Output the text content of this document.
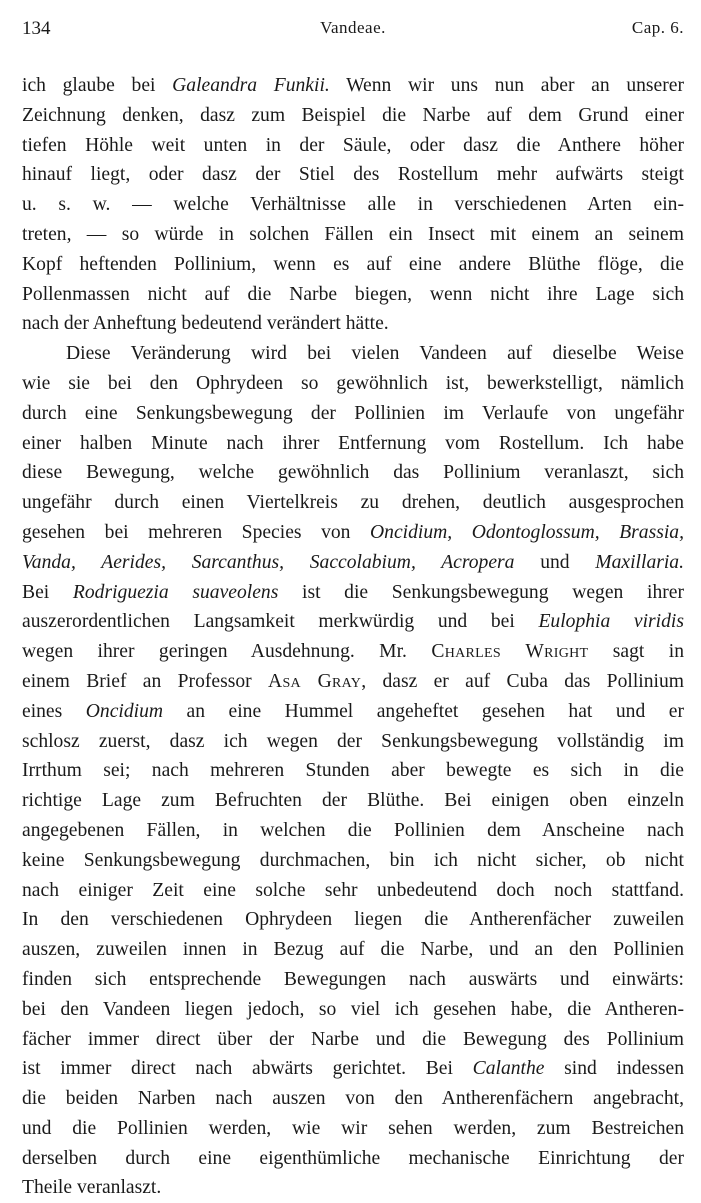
134	Vandeae.	Cap. 6.
ich glaube bei Galeandra Funkii. Wenn wir uns nun aber an unserer
Zeichnung denken, dasz zum Beispiel die Narbe auf dem Grund einer
tiefen Höhle weit unten in der Säule, oder dasz die Anthere höher
hinauf liegt, oder dasz der Stiel des Rostellum mehr aufwärts steigt
u. s. w. — welche Verhältnisse alle in verschiedenen Arten ein-
treten, — so würde in solchen Fällen ein Insect mit einem an seinem
Kopf heftenden Pollinium, wenn es auf eine andere Blüthe flöge, die
Pollenmassen nicht auf die Narbe biegen, wenn nicht ihre Lage sich
nach der Anheftung bedeutend verändert hätte.
Diese Veränderung wird bei vielen Vandeen auf dieselbe Weise
wie sie bei den Ophrydeen so gewöhnlich ist, bewerkstelligt, nämlich
durch eine Senkungsbewegung der Pollinien im Verlaufe von ungefähr
einer halben Minute nach ihrer Entfernung vom Rostellum. Ich habe
diese Bewegung, welche gewöhnlich das Pollinium veranlaszt, sich
ungefähr durch einen Viertelkreis zu drehen, deutlich ausgesprochen
gesehen bei mehreren Species von Oncidium, Odontoglossum, Brassia,
Vanda, Aerides, Sarcanthus, Saccolabium, Acropera und Maxillaria.
Bei Rodriguezia suaveolens ist die Senkungsbewegung wegen ihrer
auszerordentlichen Langsamkeit merkwürdig und bei Eulophia viridis
wegen ihrer geringen Ausdehnung. Mr. Charles Wright sagt in
einem Brief an Professor Asa Gray, dasz er auf Cuba das Pollinium
eines Oncidium an eine Hummel angeheftet gesehen hat und er
schlosz zuerst, dasz ich wegen der Senkungsbewegung vollständig im
Irrthum sei; nach mehreren Stunden aber bewegte es sich in die
richtige Lage zum Befruchten der Blüthe. Bei einigen oben einzeln
angegebenen Fällen, in welchen die Pollinien dem Anscheine nach
keine Senkungsbewegung durchmachen, bin ich nicht sicher, ob nicht
nach einiger Zeit eine solche sehr unbedeutend doch noch stattfand.
In den verschiedenen Ophrydeen liegen die Antherenfächer zuweilen
auszen, zuweilen innen in Bezug auf die Narbe, und an den Pollinien
finden sich entsprechende Bewegungen nach auswärts und einwärts:
bei den Vandeen liegen jedoch, so viel ich gesehen habe, die Antheren-
fächer immer direct über der Narbe und die Bewegung des Pollinium
ist immer direct nach abwärts gerichtet. Bei Calanthe sind indessen
die beiden Narben nach auszen von den Antherenfächern angebracht,
und die Pollinien werden, wie wir sehen werden, zum Bestreichen
derselben durch eine eigenthümliche mechanische Einrichtung der
Theile veranlaszt.
